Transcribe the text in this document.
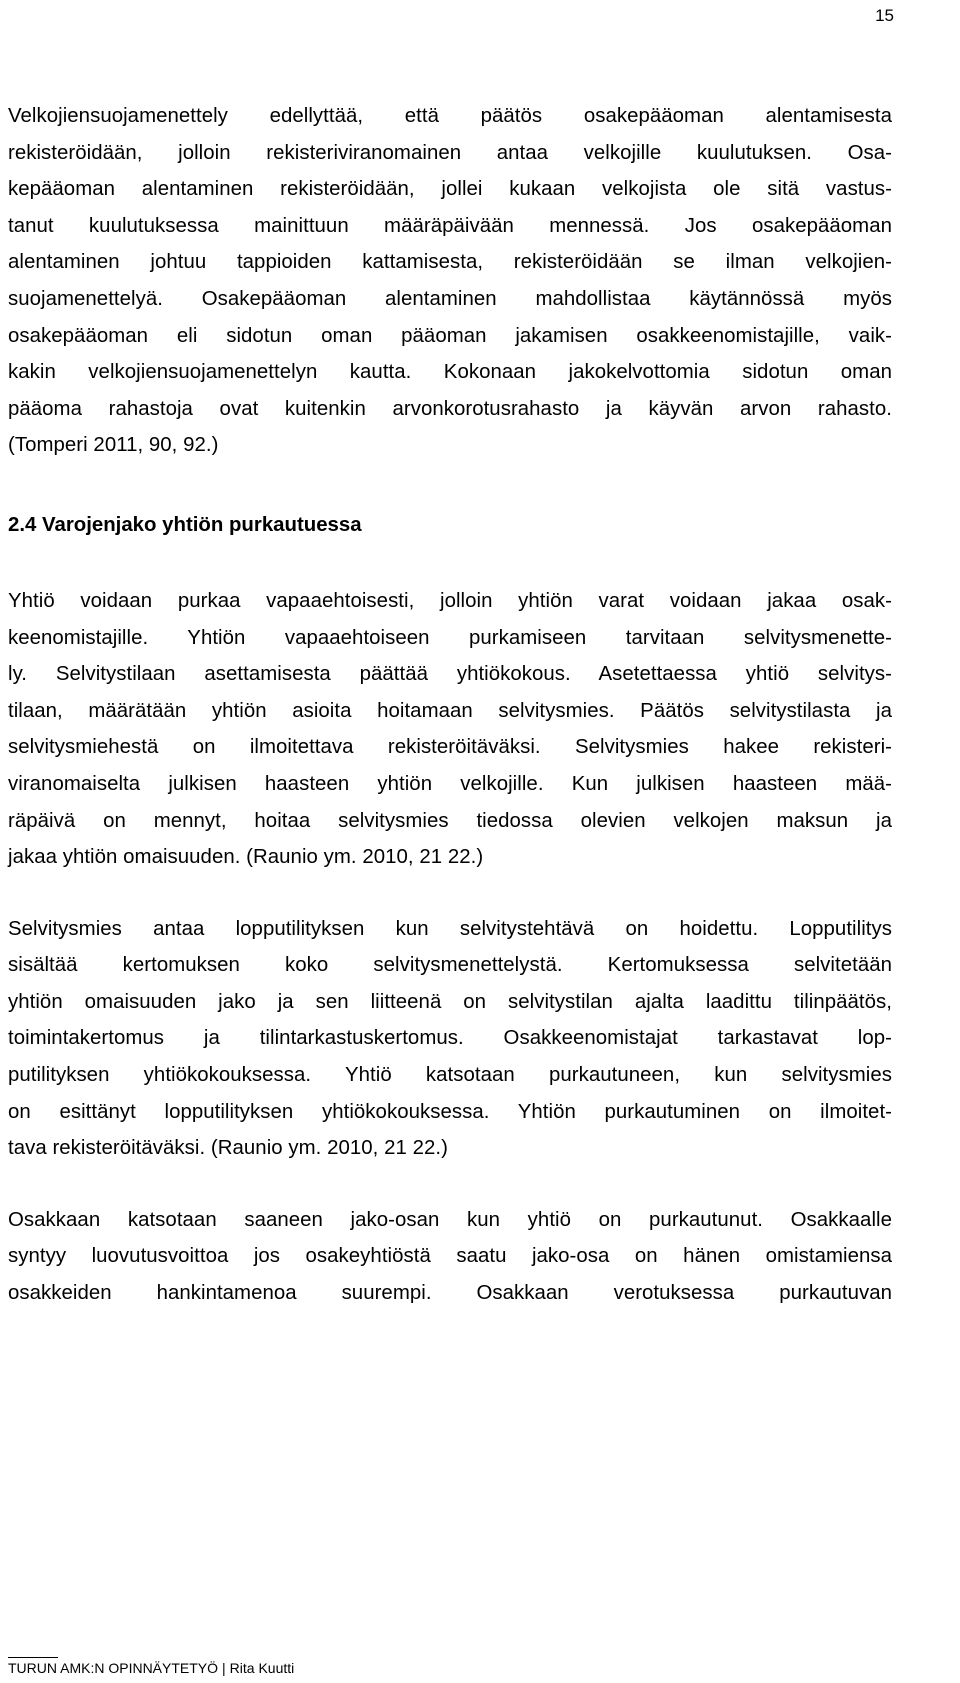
15

Velkojiensuojamenettely edellyttää, että päätös osakepääoman alentamisesta
rekisteröidään, jolloin rekisteriviranomainen antaa velkojille kuulutuksen. Osa-
kepääoman alentaminen rekisteröidään, jollei kukaan velkojista ole sitä vastus-
tanut kuulutuksessa mainittuun määräpäivään mennessä. Jos osakepääoman
alentaminen johtuu tappioiden kattamisesta, rekisteröidään se ilman velkojien-
suojamenettelyä. Osakepääoman alentaminen mahdollistaa käytännössä myös
osakepääoman eli sidotun oman pääoman jakamisen osakkeenomistajille, vaik-
kakin velkojiensuojamenettelyn kautta. Kokonaan jakokelvottomia sidotun oman
pääoma rahastoja ovat kuitenkin arvonkorotusrahasto ja käyvän arvon rahasto.
(Tomperi 2011, 90, 92.)

2.4 Varojenjako yhtiön purkautuessa

Yhtiö voidaan purkaa vapaaehtoisesti, jolloin yhtiön varat voidaan jakaa osak-
keenomistajille. Yhtiön vapaaehtoiseen purkamiseen tarvitaan selvitysmenette-
ly. Selvitystilaan asettamisesta päättää yhtiökokous. Asetettaessa yhtiö selvitys-
tilaan, määrätään yhtiön asioita hoitamaan selvitysmies. Päätös selvitystilasta ja
selvitysmiehestä on ilmoitettava rekisteröitäväksi. Selvitysmies hakee rekisteri-
viranomaiselta julkisen haasteen yhtiön velkojille. Kun julkisen haasteen mää-
räpäivä on mennyt, hoitaa selvitysmies tiedossa olevien velkojen maksun ja
jakaa yhtiön omaisuuden. (Raunio ym. 2010, 21 22.)

Selvitysmies antaa lopputilityksen kun selvitystehtävä on hoidettu. Lopputilitys
sisältää kertomuksen koko selvitysmenettelystä. Kertomuksessa selvitetään
yhtiön omaisuuden jako ja sen liitteenä on selvitystilan ajalta laadittu tilinpäätös,
toimintakertomus ja tilintarkastuskertomus. Osakkeenomistajat tarkastavat lop-
putilityksen yhtiökokouksessa. Yhtiö katsotaan purkautuneen, kun selvitysmies
on esittänyt lopputilityksen yhtiökokouksessa. Yhtiön purkautuminen on ilmoitet-
tava rekisteröitäväksi. (Raunio ym. 2010, 21 22.)

Osakkaan katsotaan saaneen jako-osan kun yhtiö on purkautunut. Osakkaalle
syntyy luovutusvoittoa jos osakeyhtiöstä saatu jako-osa on hänen omistamiensa
osakkeiden hankintamenoa suurempi. Osakkaan verotuksessa purkautuvan

TURUN AMK:N OPINNÄYTETYÖ | Rita Kuutti
